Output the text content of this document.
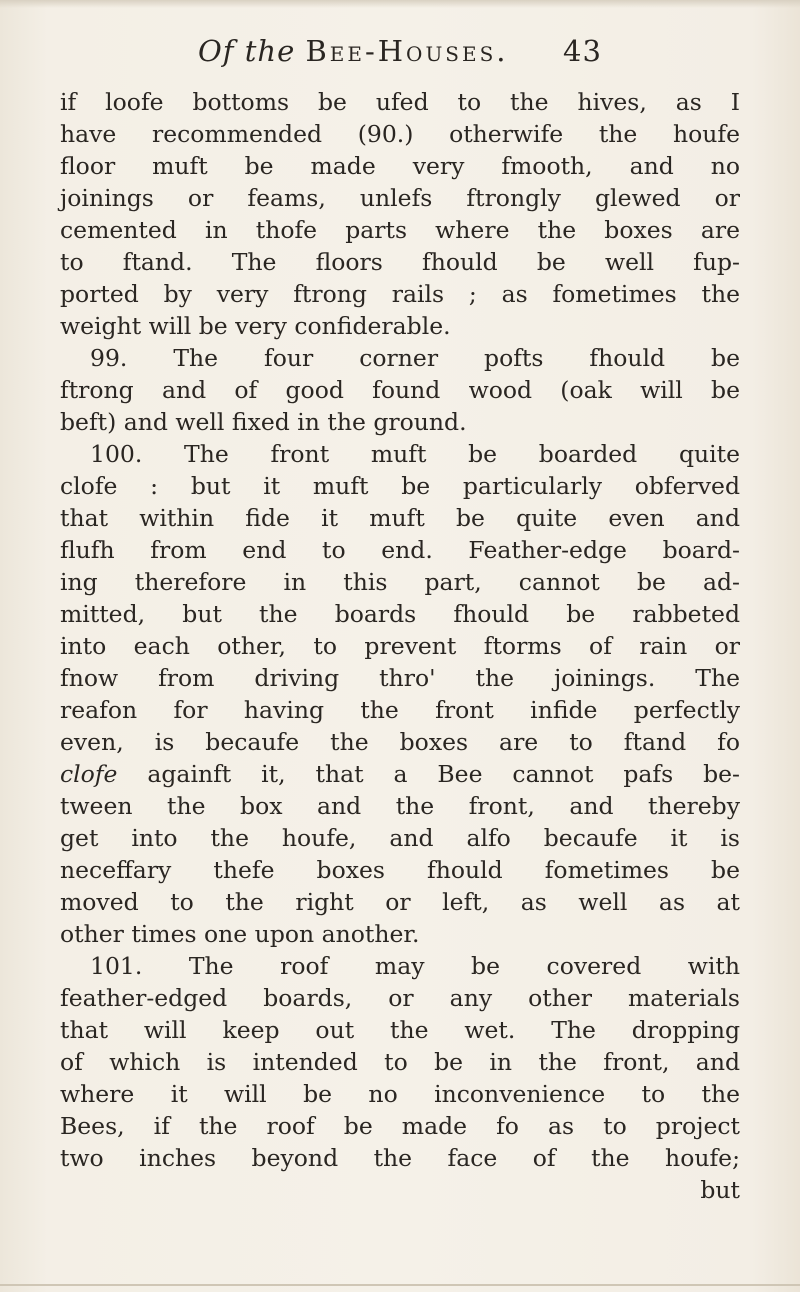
Of the Bee-Houses. 43
if loofe bottoms be ufed to the hives, as I
have recommended (90.) otherwife the houfe
floor muft be made very fmooth, and no
joinings or feams, unlefs ftrongly glewed or
cemented in thofe parts where the boxes are
to ftand. The floors fhould be well fup-
ported by very ftrong rails ; as fometimes the
weight will be very confiderable.
99. The four corner pofts fhould be
ftrong and of good found wood (oak will be
beft) and well fixed in the ground.
100. The front muft be boarded quite
clofe : but it muft be particularly obferved
that within fide it muft be quite even and
flufh from end to end. Feather-edge board-
ing therefore in this part, cannot be ad-
mitted, but the boards fhould be rabbeted
into each other, to prevent ftorms of rain or
fnow from driving thro' the joinings. The
reafon for having the front infide perfectly
even, is becaufe the boxes are to ftand fo
clofe againft it, that a Bee cannot pafs be-
tween the box and the front, and thereby
get into the houfe, and alfo becaufe it is
neceffary thefe boxes fhould fometimes be
moved to the right or left, as well as at
other times one upon another.
101. The roof may be covered with
feather-edged boards, or any other materials
that will keep out the wet. The dropping
of which is intended to be in the front, and
where it will be no inconvenience to the
Bees, if the roof be made fo as to project
two inches beyond the face of the houfe;
but
